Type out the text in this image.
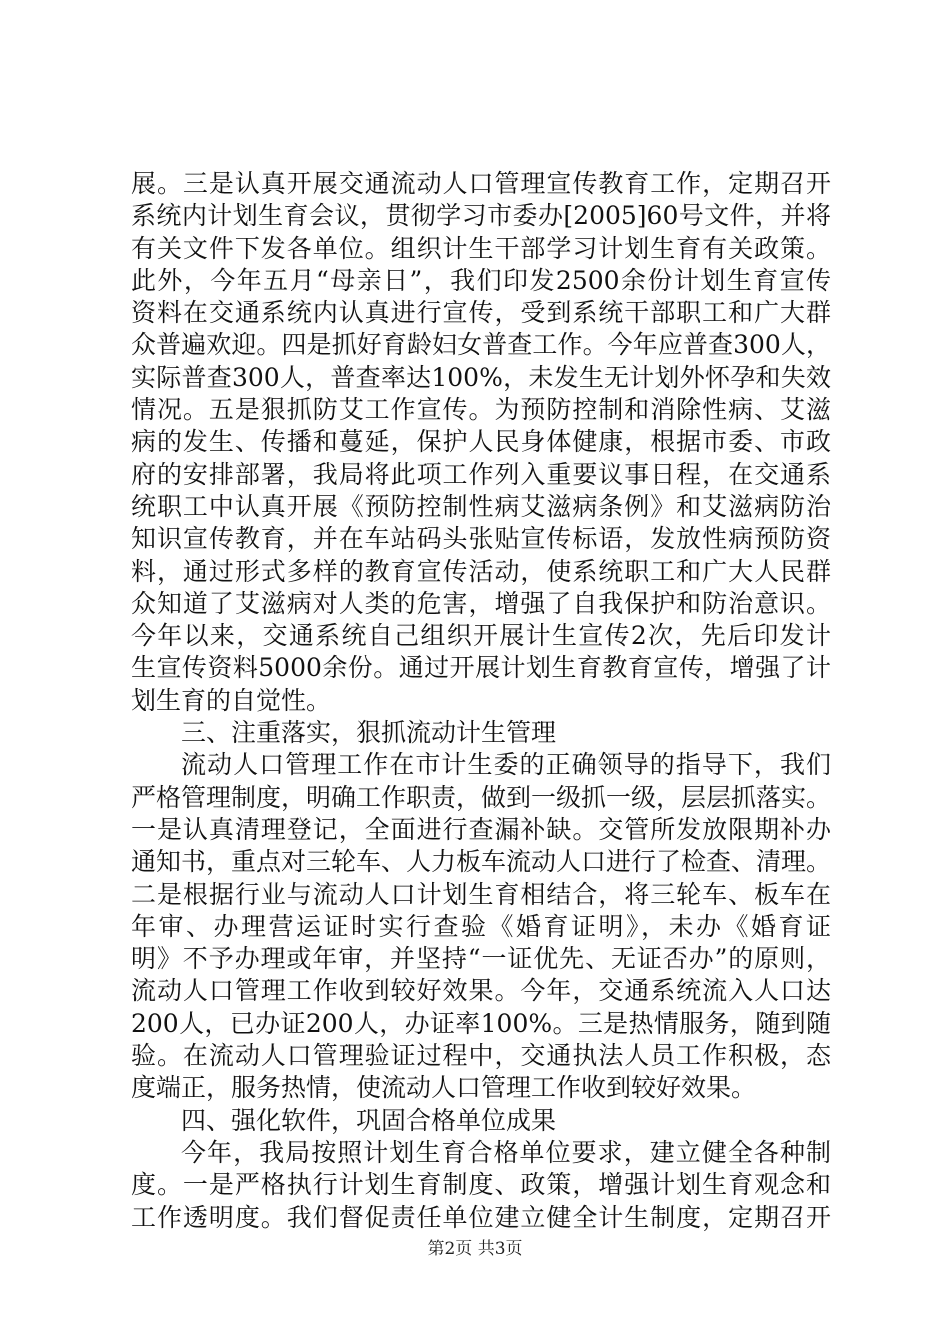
展。三是认真开展交通流动人口管理宣传教育工作，定期召开
系统内计划生育会议，贯彻学习市委办[2005]60号文件，并将
有关文件下发各单位。组织计生干部学习计划生育有关政策。
此外，今年五月“母亲日”，我们印发2500余份计划生育宣传
资料在交通系统内认真进行宣传，受到系统干部职工和广大群
众普遍欢迎。四是抓好育龄妇女普查工作。今年应普查300人，
实际普查300人，普查率达100%，未发生无计划外怀孕和失效
情况。五是狠抓防艾工作宣传。为预防控制和消除性病、艾滋
病的发生、传播和蔓延，保护人民身体健康，根据市委、市政
府的安排部署，我局将此项工作列入重要议事日程，在交通系
统职工中认真开展《预防控制性病艾滋病条例》和艾滋病防治
知识宣传教育，并在车站码头张贴宣传标语，发放性病预防资
料，通过形式多样的教育宣传活动，使系统职工和广大人民群
众知道了艾滋病对人类的危害，增强了自我保护和防治意识。
今年以来，交通系统自己组织开展计生宣传2次，先后印发计
生宣传资料5000余份。通过开展计划生育教育宣传，增强了计
划生育的自觉性。
三、注重落实，狠抓流动计生管理
流动人口管理工作在市计生委的正确领导的指导下，我们
严格管理制度，明确工作职责，做到一级抓一级，层层抓落实。
一是认真清理登记，全面进行查漏补缺。交管所发放限期补办
通知书，重点对三轮车、人力板车流动人口进行了检查、清理。
二是根据行业与流动人口计划生育相结合，将三轮车、板车在
年审、办理营运证时实行查验《婚育证明》，未办《婚育证
明》不予办理或年审，并坚持“一证优先、无证否办”的原则，
流动人口管理工作收到较好效果。今年，交通系统流入人口达
200人，已办证200人，办证率100%。三是热情服务，随到随
验。在流动人口管理验证过程中，交通执法人员工作积极，态
度端正，服务热情，使流动人口管理工作收到较好效果。
四、强化软件，巩固合格单位成果
今年，我局按照计划生育合格单位要求，建立健全各种制
度。一是严格执行计划生育制度、政策，增强计划生育观念和
工作透明度。我们督促责任单位建立健全计生制度，定期召开
第2页 共3页
